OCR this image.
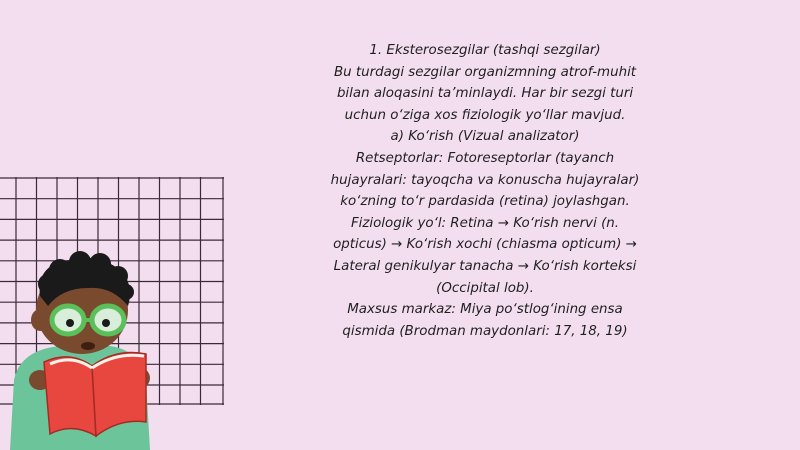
1. Eksterosezgilar (tashqi sezgilar)
Bu turdagi sezgilar organizmning atrof-muhit bilan aloqasini ta’minlaydi. Har bir sezgi turi uchun o‘ziga xos fiziologik yo‘llar mavjud.
a) Ko‘rish (Vizual analizator)
Retseptorlar: Fotoreseptorlar (tayanch hujayralari: tayoqcha va konuscha hujayralar) ko‘zning to‘r pardasida (retina) joylashgan.
Fiziologik yo‘l: Retina → Ko‘rish nervi (n. opticus) → Ko‘rish xochi (chiasma opticum) → Lateral genikulyar tanacha → Ko‘rish korteksi (Occipital lob).
Maxsus markaz: Miya po‘stlog‘ining ensa qismida (Brodman maydonlari: 17, 18, 19)
